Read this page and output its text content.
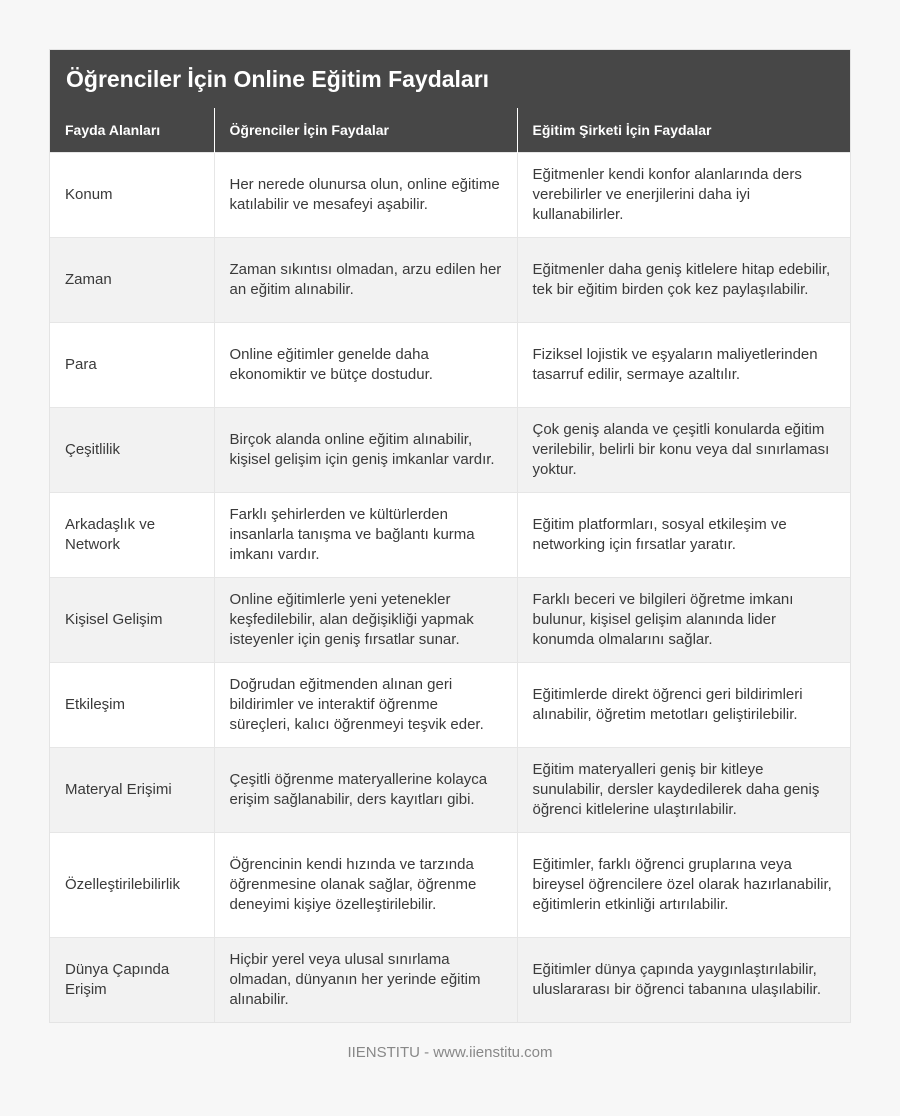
Öğrenciler İçin Online Eğitim Faydaları
Fayda Alanları	Öğrenciler İçin Faydalar	Eğitim Şirketi İçin Faydalar
Konum	Her nerede olunursa olun, online eğitime katılabilir ve mesafeyi aşabilir.	Eğitmenler kendi konfor alanlarında ders verebilirler ve enerjilerini daha iyi kullanabilirler.
Zaman	Zaman sıkıntısı olmadan, arzu edilen her an eğitim alınabilir.	Eğitmenler daha geniş kitlelere hitap edebilir, tek bir eğitim birden çok kez paylaşılabilir.
Para	Online eğitimler genelde daha ekonomiktir ve bütçe dostudur.	Fiziksel lojistik ve eşyaların maliyetlerinden tasarruf edilir, sermaye azaltılır.
Çeşitlilik	Birçok alanda online eğitim alınabilir, kişisel gelişim için geniş imkanlar vardır.	Çok geniş alanda ve çeşitli konularda eğitim verilebilir, belirli bir konu veya dal sınırlaması yoktur.
Arkadaşlık ve Network	Farklı şehirlerden ve kültürlerden insanlarla tanışma ve bağlantı kurma imkanı vardır.	Eğitim platformları, sosyal etkileşim ve networking için fırsatlar yaratır.
Kişisel Gelişim	Online eğitimlerle yeni yetenekler keşfedilebilir, alan değişikliği yapmak isteyenler için geniş fırsatlar sunar.	Farklı beceri ve bilgileri öğretme imkanı bulunur, kişisel gelişim alanında lider konumda olmalarını sağlar.
Etkileşim	Doğrudan eğitmenden alınan geri bildirimler ve interaktif öğrenme süreçleri, kalıcı öğrenmeyi teşvik eder.	Eğitimlerde direkt öğrenci geri bildirimleri alınabilir, öğretim metotları geliştirilebilir.
Materyal Erişimi	Çeşitli öğrenme materyallerine kolayca erişim sağlanabilir, ders kayıtları gibi.	Eğitim materyalleri geniş bir kitleye sunulabilir, dersler kaydedilerek daha geniş öğrenci kitlelerine ulaştırılabilir.
Özelleştirilebilirlik	Öğrencinin kendi hızında ve tarzında öğrenmesine olanak sağlar, öğrenme deneyimi kişiye özelleştirilebilir.	Eğitimler, farklı öğrenci gruplarına veya bireysel öğrencilere özel olarak hazırlanabilir, eğitimlerin etkinliği artırılabilir.
Dünya Çapında Erişim	Hiçbir yerel veya ulusal sınırlama olmadan, dünyanın her yerinde eğitim alınabilir.	Eğitimler dünya çapında yaygınlaştırılabilir, uluslararası bir öğrenci tabanına ulaşılabilir.
IIENSTITU - www.iienstitu.com
